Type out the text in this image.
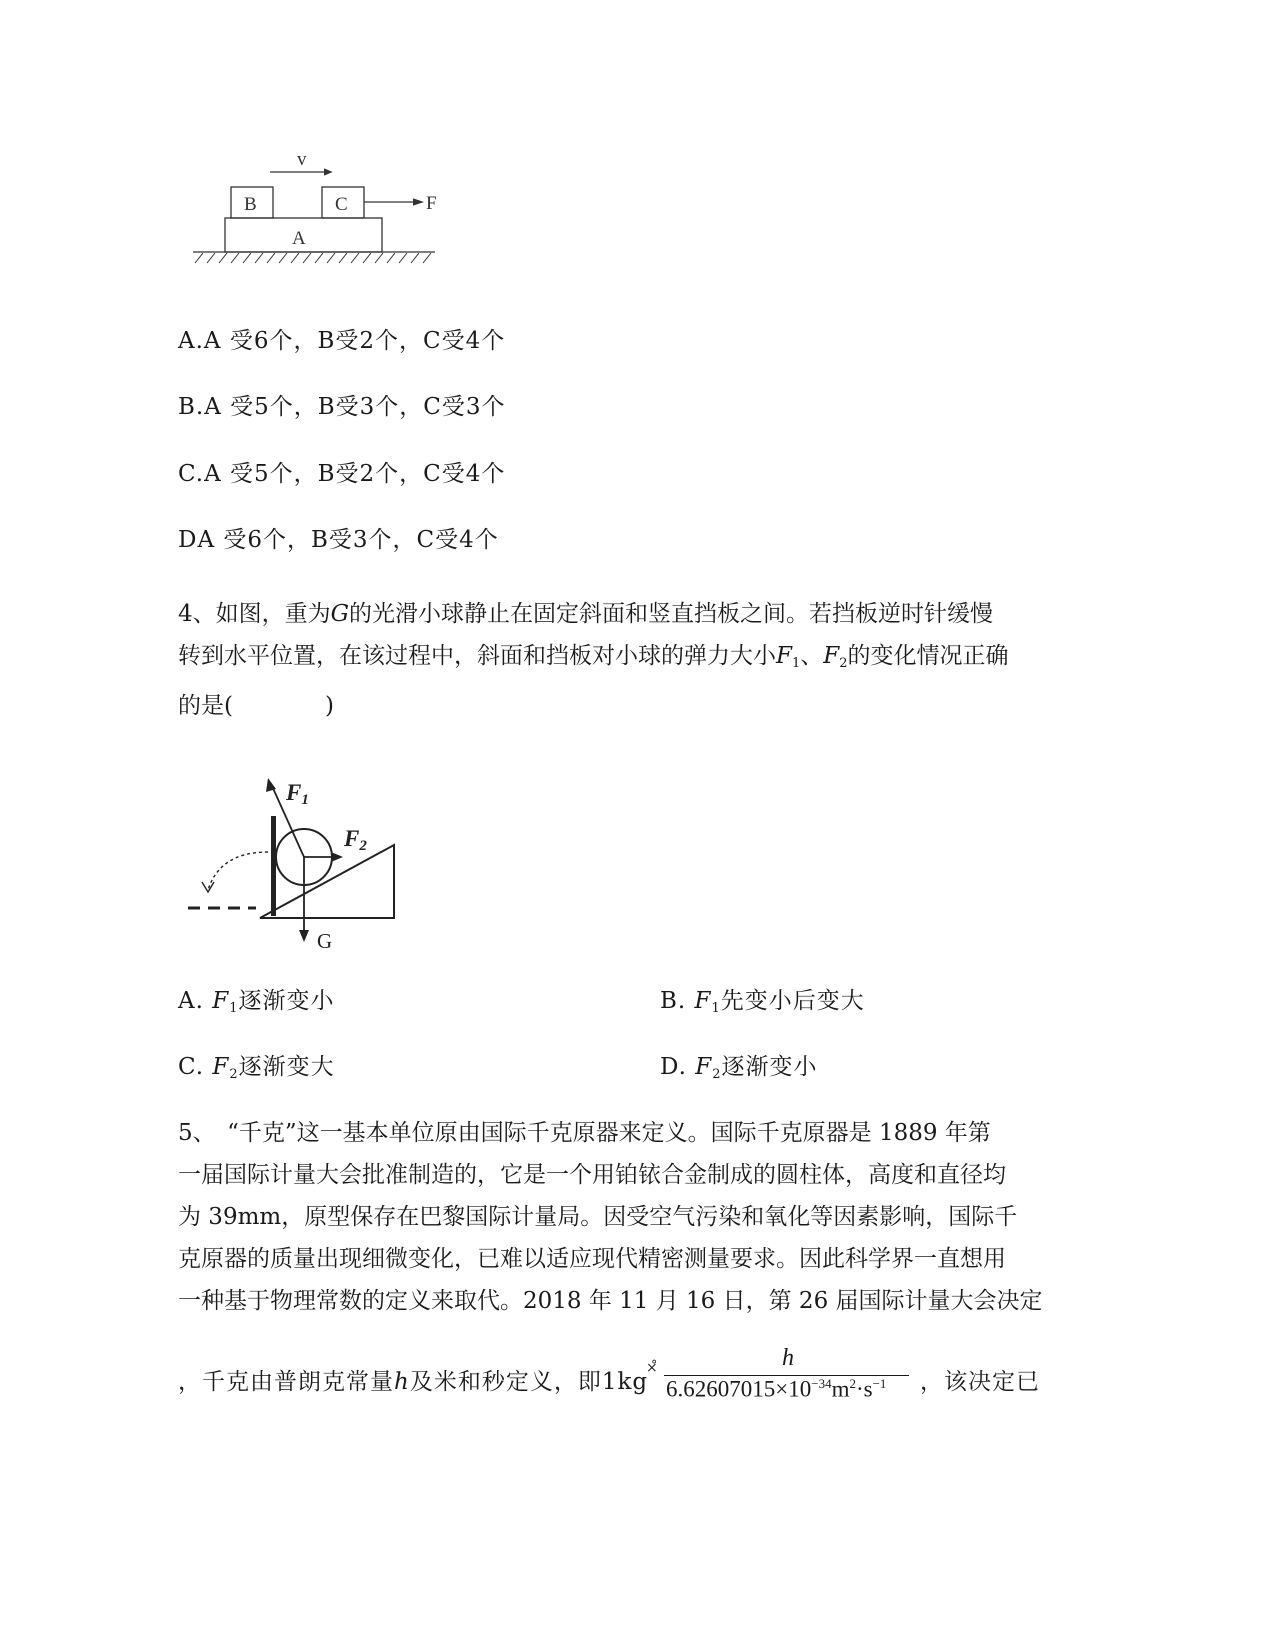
v
B	C	F
A
A.A 受6个，B受2个，C受4个
B.A 受5个，B受3个，C受3个
C.A 受5个，B受2个，C受4个
DA 受6个，B受3个，C受4个

4、如图，重为G的光滑小球静止在固定斜面和竖直挡板之间。若挡板逆时针缓慢

转到水平位置，在该过程中，斜面和挡板对小球的弹力大小$F_1$、$F_2$的变化情况正确

的是(　　　　)

F1
F2
G
A. $F_1$逐渐变小	B. $F_1$先变小后变大
C. $F_2$逐渐变大	D. $F_2$逐渐变小

5、　“千克”这一基本单位原由国际千克原器来定义。国际千克原器是 1889 年第

一届国际计量大会批准制造的，它是一个用铂铱合金制成的圆柱体，高度和直径均

为 39mm，原型保存在巴黎国际计量局。因受空气污染和氧化等因素影响，国际千

克原器的质量出现细微变化，已难以适应现代精密测量要求。因此科学界一直想用

一种基于物理常数的定义来取代。2018 年 11 月 16 日，第 26 届国际计量大会决定

，千克由普朗克常量h及米和秒定义，即1kg
×̊	h
$6.62607015\times 10^{-34}m^2\cdot s^{-1}$ ，该决定已
